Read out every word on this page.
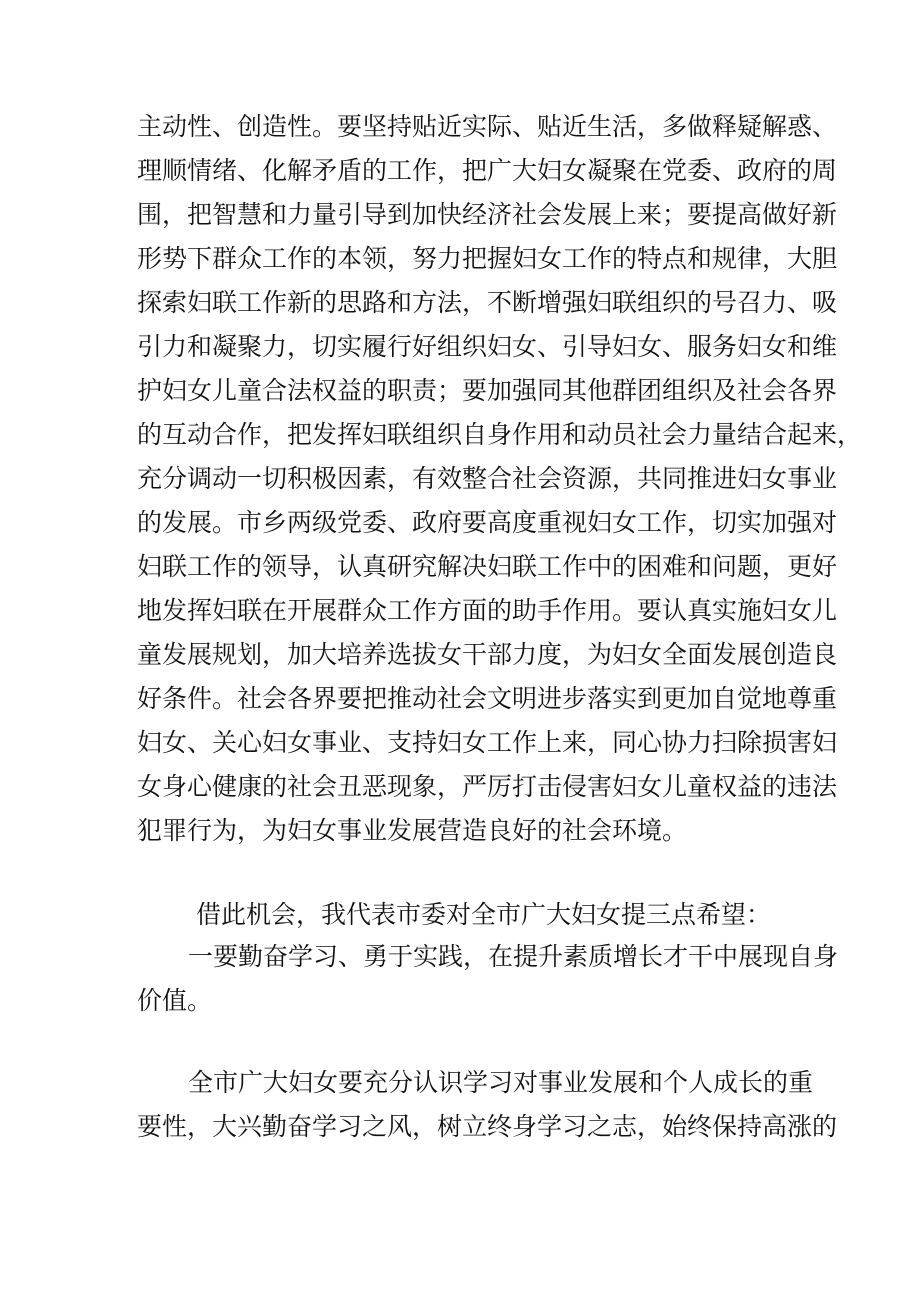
主动性、创造性。要坚持贴近实际、贴近生活，多做释疑解惑、
理顺情绪、化解矛盾的工作，把广大妇女凝聚在党委、政府的周
围，把智慧和力量引导到加快经济社会发展上来；要提高做好新
形势下群众工作的本领，努力把握妇女工作的特点和规律，大胆
探索妇联工作新的思路和方法，不断增强妇联组织的号召力、吸
引力和凝聚力，切实履行好组织妇女、引导妇女、服务妇女和维
护妇女儿童合法权益的职责；要加强同其他群团组织及社会各界
的互动合作，把发挥妇联组织自身作用和动员社会力量结合起来，
充分调动一切积极因素，有效整合社会资源，共同推进妇女事业
的发展。市乡两级党委、政府要高度重视妇女工作，切实加强对
妇联工作的领导，认真研究解决妇联工作中的困难和问题，更好
地发挥妇联在开展群众工作方面的助手作用。要认真实施妇女儿
童发展规划，加大培养选拔女干部力度，为妇女全面发展创造良
好条件。社会各界要把推动社会文明进步落实到更加自觉地尊重
妇女、关心妇女事业、支持妇女工作上来，同心协力扫除损害妇
女身心健康的社会丑恶现象，严厉打击侵害妇女儿童权益的违法
犯罪行为，为妇女事业发展营造良好的社会环境。
借此机会，我代表市委对全市广大妇女提三点希望：
一要勤奋学习、勇于实践，在提升素质增长才干中展现自身
价值。
全市广大妇女要充分认识学习对事业发展和个人成长的重
要性，大兴勤奋学习之风，树立终身学习之志，始终保持高涨的
